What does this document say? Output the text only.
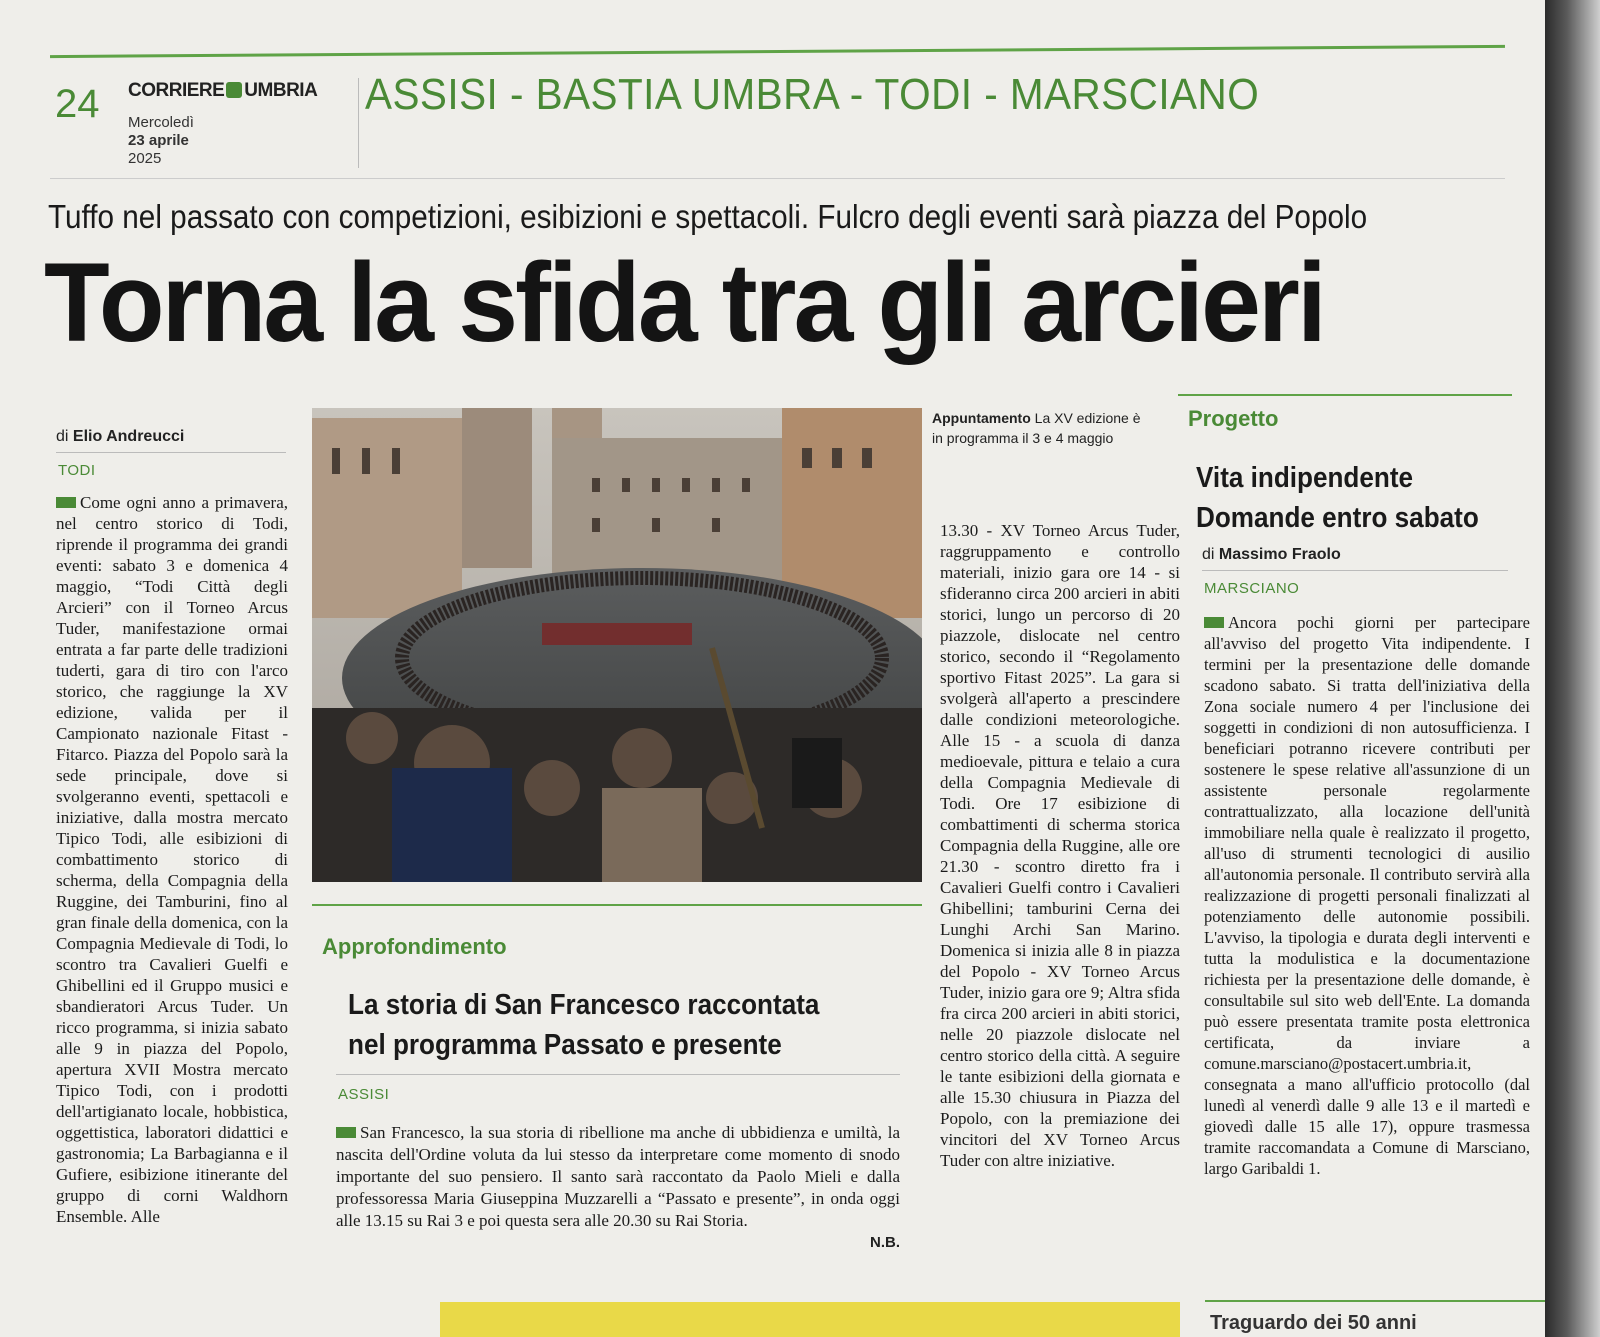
24 CORRIERE UMBRIA
Mercoledì
23 aprile
2025
ASSISI - BASTIA UMBRA - TODI - MARSCIANO
Tuffo nel passato con competizioni, esibizioni e spettacoli. Fulcro degli eventi sarà piazza del Popolo
Torna la sfida tra gli arcieri
di Elio Andreucci
TODI
Come ogni anno a primavera, nel centro storico di Todi, riprende il programma dei grandi eventi: sabato 3 e domenica 4 maggio, “Todi Città degli Arcieri” con il Torneo Arcus Tuder, manifestazione ormai entrata a far parte delle tradizioni tuderti, gara di tiro con l'arco storico, che raggiunge la XV edizione, valida per il Campionato nazionale Fitast -Fitarco. Piazza del Popolo sarà la sede principale, dove si svolgeranno eventi, spettacoli e iniziative, dalla mostra mercato Tipico Todi, alle esibizioni di combattimento storico di scherma, della Compagnia della Ruggine, dei Tamburini, fino al gran finale della domenica, con la Compagnia Medievale di Todi, lo scontro tra Cavalieri Guelfi e Ghibellini ed il Gruppo musici e sbandieratori Arcus Tuder. Un ricco programma, si inizia sabato alle 9 in piazza del Popolo, apertura XVII Mostra mercato Tipico Todi, con i prodotti dell'artigianato locale, hobbistica, oggettistica, laboratori didattici e gastronomia; La Barbagianna e il Gufiere, esibizione itinerante del gruppo di corni Waldhorn Ensemble. Alle
Appuntamento La XV edizione è in programma il 3 e 4 maggio
13.30 - XV Torneo Arcus Tuder, raggruppamento e controllo materiali, inizio gara ore 14 - si sfideranno circa 200 arcieri in abiti storici, lungo un percorso di 20 piazzole, dislocate nel centro storico, secondo il “Regolamento sportivo Fitast 2025”. La gara si svolgerà all'aperto a prescindere dalle condizioni meteorologiche. Alle 15 - a scuola di danza medioevale, pittura e telaio a cura della Compagnia Medievale di Todi. Ore 17 esibizione di combattimenti di scherma storica Compagnia della Ruggine, alle ore 21.30 - scontro diretto fra i Cavalieri Guelfi contro i Cavalieri Ghibellini; tamburini Cerna dei Lunghi Archi San Marino. Domenica si inizia alle 8 in piazza del Popolo - XV Torneo Arcus Tuder, inizio gara ore 9; Altra sfida fra circa 200 arcieri in abiti storici, nelle 20 piazzole dislocate nel centro storico della città. A seguire le tante esibizioni della giornata e alle 15.30 chiusura in Piazza del Popolo, con la premiazione dei vincitori del XV Torneo Arcus Tuder con altre iniziative.
Approfondimento
La storia di San Francesco raccontata
nel programma Passato e presente
ASSISI
San Francesco, la sua storia di ribellione ma anche di ubbidienza e umiltà, la nascita dell'Ordine voluta da lui stesso da interpretare come momento di snodo importante del suo pensiero. Il santo sarà raccontato da Paolo Mieli e dalla professoressa Maria Giuseppina Muzzarelli a “Passato e presente”, in onda oggi alle 13.15 su Rai 3 e poi questa sera alle 20.30 su Rai Storia.
N.B.
Progetto
Vita indipendente
Domande entro sabato
di Massimo Fraolo
MARSCIANO
Ancora pochi giorni per partecipare all'avviso del progetto Vita indipendente. I termini per la presentazione delle domande scadono sabato. Si tratta dell'iniziativa della Zona sociale numero 4 per l'inclusione dei soggetti in condizioni di non autosufficienza. I beneficiari potranno ricevere contributi per sostenere le spese relative all'assunzione di un assistente personale regolarmente contrattualizzato, alla locazione dell'unità immobiliare nella quale è realizzato il progetto, all'uso di strumenti tecnologici di ausilio all'autonomia personale. Il contributo servirà alla realizzazione di progetti personali finalizzati al potenziamento delle autonomie possibili. L'avviso, la tipologia e durata degli interventi e tutta la modulistica e la documentazione richiesta per la presentazione delle domande, è consultabile sul sito web dell'Ente. La domanda può essere presentata tramite posta elettronica certificata, da inviare a comune.marsciano@postacert.umbria.it, consegnata a mano all'ufficio protocollo (dal lunedì al venerdì dalle 9 alle 13 e il martedì e giovedì dalle 15 alle 17), oppure trasmessa tramite raccomandata a Comune di Marsciano, largo Garibaldi 1.
Traguardo dei 50 anni
